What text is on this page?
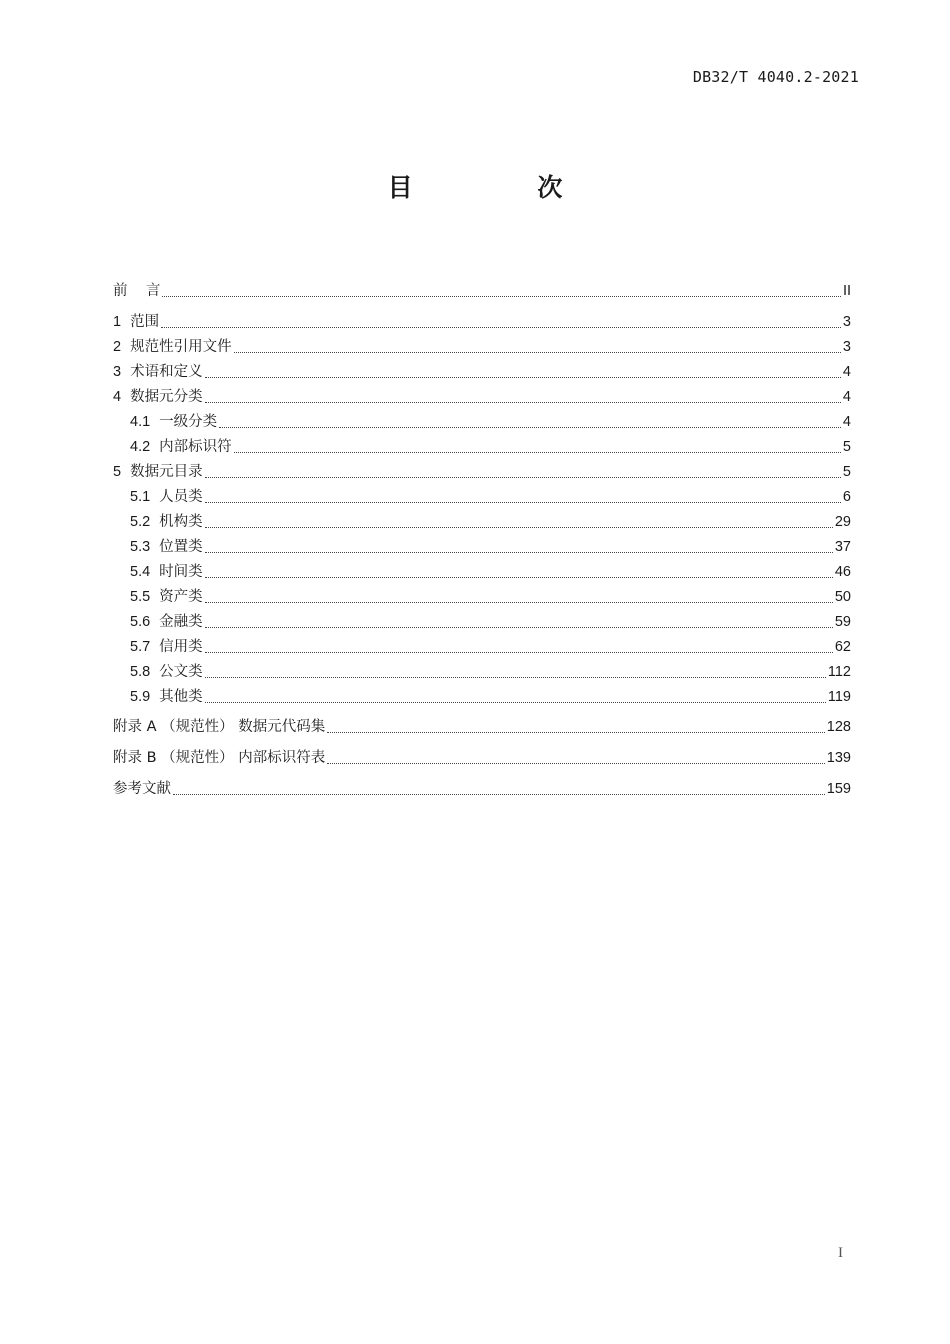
DB32/T 4040.2-2021
目 次
前    言	II
1 范围	3
2 规范性引用文件	3
3 术语和定义	4
4 数据元分类	4
4.1 一级分类	4
4.2 内部标识符	5
5 数据元目录	5
5.1 人员类	6
5.2 机构类	29
5.3 位置类	37
5.4 时间类	46
5.5 资产类	50
5.6 金融类	59
5.7 信用类	62
5.8 公文类	112
5.9 其他类	119
附录 A （规范性） 数据元代码集	128
附录 B （规范性） 内部标识符表	139
参考文献	159
I
